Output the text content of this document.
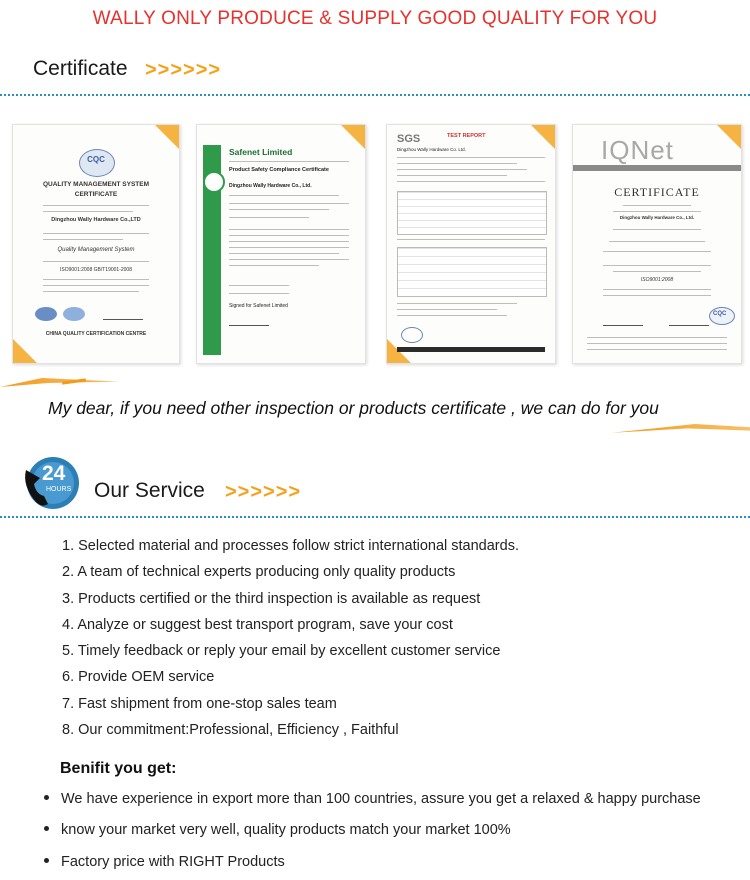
WALLY ONLY PRODUCE & SUPPLY GOOD QUALITY FOR YOU
Certificate >>>>>>
CQC
QUALITY MANAGEMENT SYSTEM
CERTIFICATE
Dingzhou Wally Hardware Co.,LTD
Quality Management System
ISO9001:2008 GB/T19001-2008
CHINA QUALITY CERTIFICATION CENTRE
Safenet Limited
Product Safety Compliance Certificate
Dingzhou Wally Hardware Co., Ltd.
Signed for Safenet Limited
SGS	TEST REPORT
Dingzhou Wally Hardware Co. Ltd.	IQNet
CERTIFICATE
Dingzhou Wally Hardware Co., Ltd.
ISO9001:2008
CQC
My dear, if you need other inspection or products certificate , we can do for you
24
HOURS Our Service >>>>>>
1. Selected material and processes follow strict international standards.
2. A team of technical experts producing only quality products
3. Products certified or the third inspection is available as request
4. Analyze or suggest best transport program, save your cost
5. Timely feedback or reply your email by excellent customer service
6. Provide OEM service
7. Fast shipment from one-stop sales team
8. Our commitment:Professional, Efficiency , Faithful
Benifit you get:
We have experience in export more than 100 countries, assure you get a relaxed & happy purchase
know your market very well, quality products match your market 100%
Factory price with RIGHT Products
